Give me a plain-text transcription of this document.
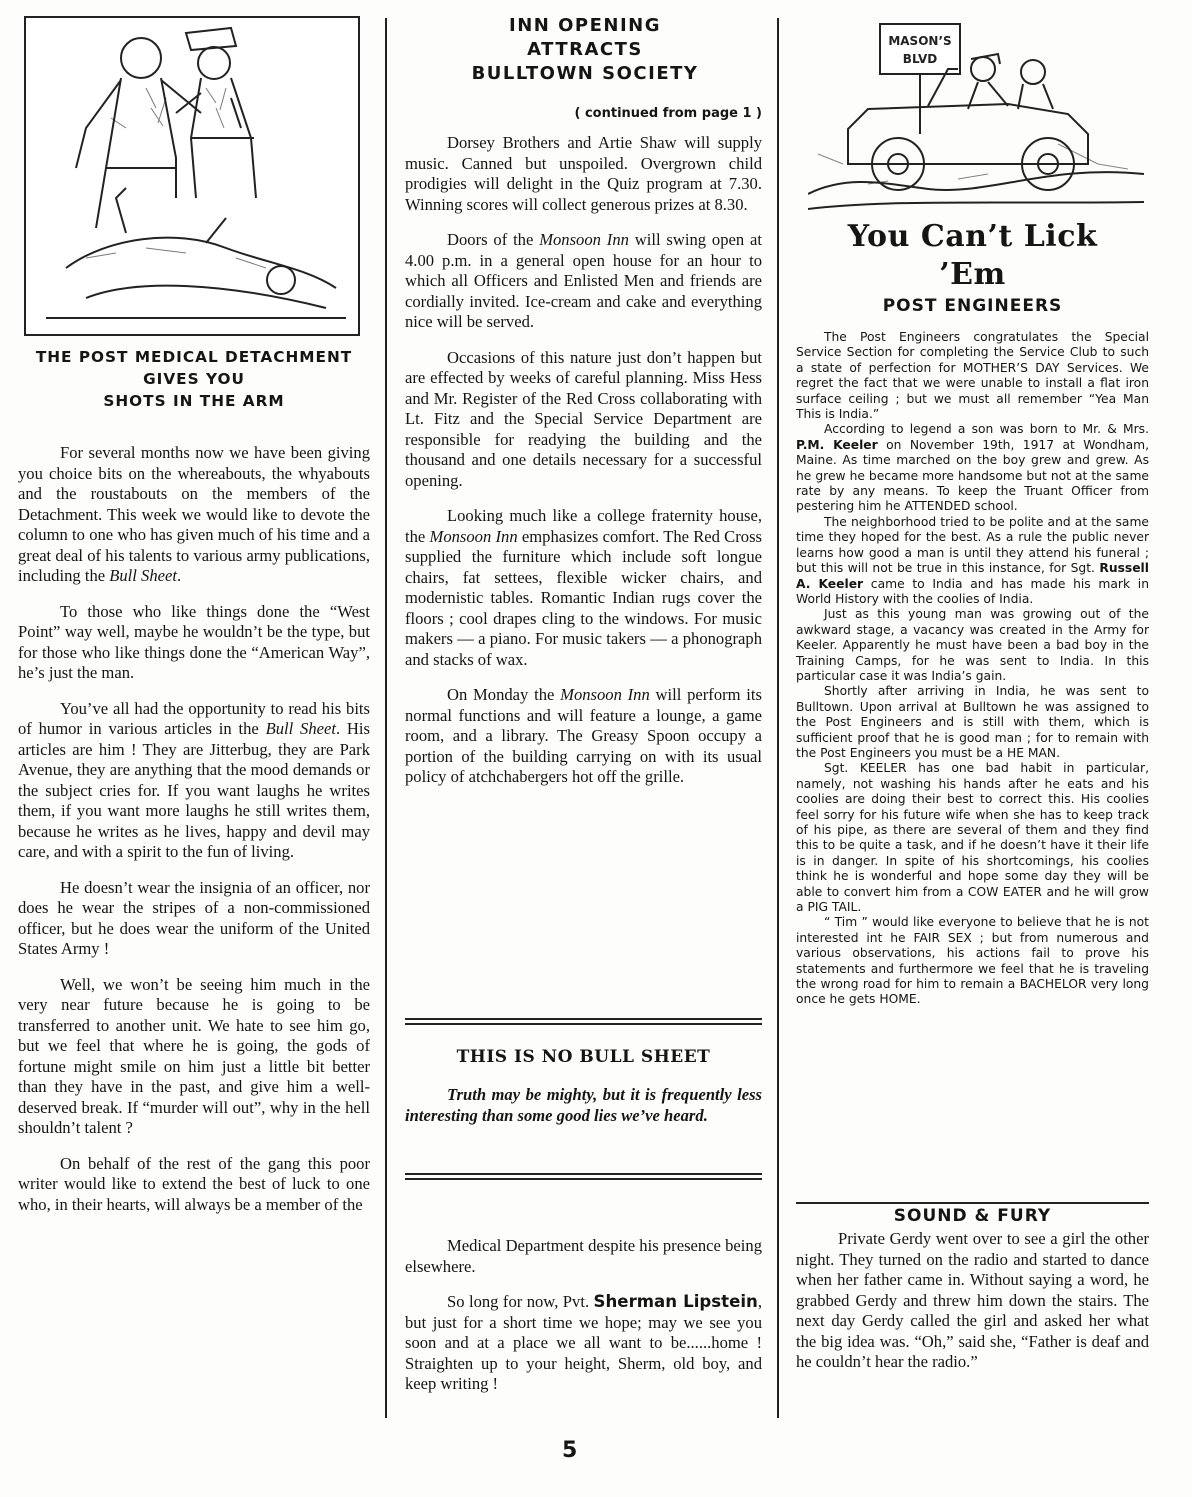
THE POST MEDICAL DETACHMENT
GIVES YOU
SHOTS IN THE ARM

For several months now we have been giving you choice bits on the whereabouts, the whyabouts and the roustabouts on the members of the Detachment. This week we would like to devote the column to one who has given much of his time and a great deal of his talents to various army publications, including the Bull Sheet.

To those who like things done the “West Point” way well, maybe he wouldn’t be the type, but for those who like things done the “American Way”, he’s just the man.

You’ve all had the opportunity to read his bits of humor in various articles in the Bull Sheet. His articles are him ! They are Jitterbug, they are Park Avenue, they are anything that the mood demands or the subject cries for. If you want laughs he writes them, if you want more laughs he still writes them, because he writes as he lives, happy and devil may care, and with a spirit to the fun of living.

He doesn’t wear the insignia of an officer, nor does he wear the stripes of a non-commissioned officer, but he does wear the uniform of the United States Army !

Well, we won’t be seeing him much in the very near future because he is going to be transferred to another unit. We hate to see him go, but we feel that where he is going, the gods of fortune might smile on him just a little bit better than they have in the past, and give him a well-deserved break. If “murder will out”, why in the hell shouldn’t talent ?

On behalf of the rest of the gang this poor writer would like to extend the best of luck to one who, in their hearts, will always be a member of the

INN OPENING
ATTRACTS
BULLTOWN SOCIETY
( continued from page 1 )

Dorsey Brothers and Artie Shaw will supply music. Canned but unspoiled. Overgrown child prodigies will delight in the Quiz program at 7.30. Winning scores will collect generous prizes at 8.30.

Doors of the Monsoon Inn will swing open at 4.00 p.m. in a general open house for an hour to which all Officers and Enlisted Men and friends are cordially invited. Ice-cream and cake and everything nice will be served.

Occasions of this nature just don’t happen but are effected by weeks of careful planning. Miss Hess and Mr. Register of the Red Cross collaborating with Lt. Fitz and the Special Service Department are responsible for readying the building and the thousand and one details necessary for a successful opening.

Looking much like a college fraternity house, the Monsoon Inn emphasizes comfort. The Red Cross supplied the furniture which include soft longue chairs, fat settees, flexible wicker chairs, and modernistic tables. Romantic Indian rugs cover the floors ; cool drapes cling to the windows. For music makers — a piano. For music takers — a phonograph and stacks of wax.

On Monday the Monsoon Inn will perform its normal functions and will feature a lounge, a game room, and a library. The Greasy Spoon occupy a portion of the building carrying on with its usual policy of atchchabergers hot off the grille.

THIS IS NO BULL SHEET
Truth may be mighty, but it is frequently less interesting than some good lies we’ve heard.

Medical Department despite his presence being elsewhere.

So long for now, Pvt. Sherman Lipstein, but just for a short time we hope; may we see you soon and at a place we all want to be......home ! Straighten up to your height, Sherm, old boy, and keep writing !

MASON’S
BLVD
You Can’t Lick
’Em
POST ENGINEERS

The Post Engineers congratulates the Special Service Section for completing the Service Club to such a state of perfection for MOTHER’S DAY Services. We regret the fact that we were unable to install a flat iron surface ceiling ; but we must all remember “Yea Man This is India.”

According to legend a son was born to Mr. & Mrs. P.M. Keeler on November 19th, 1917 at Wondham, Maine. As time marched on the boy grew and grew. As he grew he became more handsome but not at the same rate by any means. To keep the Truant Officer from pestering him he ATTENDED school.

The neighborhood tried to be polite and at the same time they hoped for the best. As a rule the public never learns how good a man is until they attend his funeral ; but this will not be true in this instance, for Sgt. Russell A. Keeler came to India and has made his mark in World History with the coolies of India.

Just as this young man was growing out of the awkward stage, a vacancy was created in the Army for Keeler. Apparently he must have been a bad boy in the Training Camps, for he was sent to India. In this particular case it was India’s gain.

Shortly after arriving in India, he was sent to Bulltown. Upon arrival at Bulltown he was assigned to the Post Engineers and is still with them, which is sufficient proof that he is good man ; for to remain with the Post Engineers you must be a HE MAN.

Sgt. KEELER has one bad habit in particular, namely, not washing his hands after he eats and his coolies are doing their best to correct this. His coolies feel sorry for his future wife when she has to keep track of his pipe, as there are several of them and they find this to be quite a task, and if he doesn’t have it their life is in danger. In spite of his shortcomings, his coolies think he is wonderful and hope some day they will be able to convert him from a COW EATER and he will grow a PIG TAIL.

“ Tim ” would like everyone to believe that he is not interested int he FAIR SEX ; but from numerous and various observations, his actions fail to prove his statements and furthermore we feel that he is traveling the wrong road for him to remain a BACHELOR very long once he gets HOME.

SOUND & FURY

Private Gerdy went over to see a girl the other night. They turned on the radio and started to dance when her father came in. Without saying a word, he grabbed Gerdy and threw him down the stairs. The next day Gerdy called the girl and asked her what the big idea was. “Oh,” said she, “Father is deaf and he couldn’t hear the radio.”

5
